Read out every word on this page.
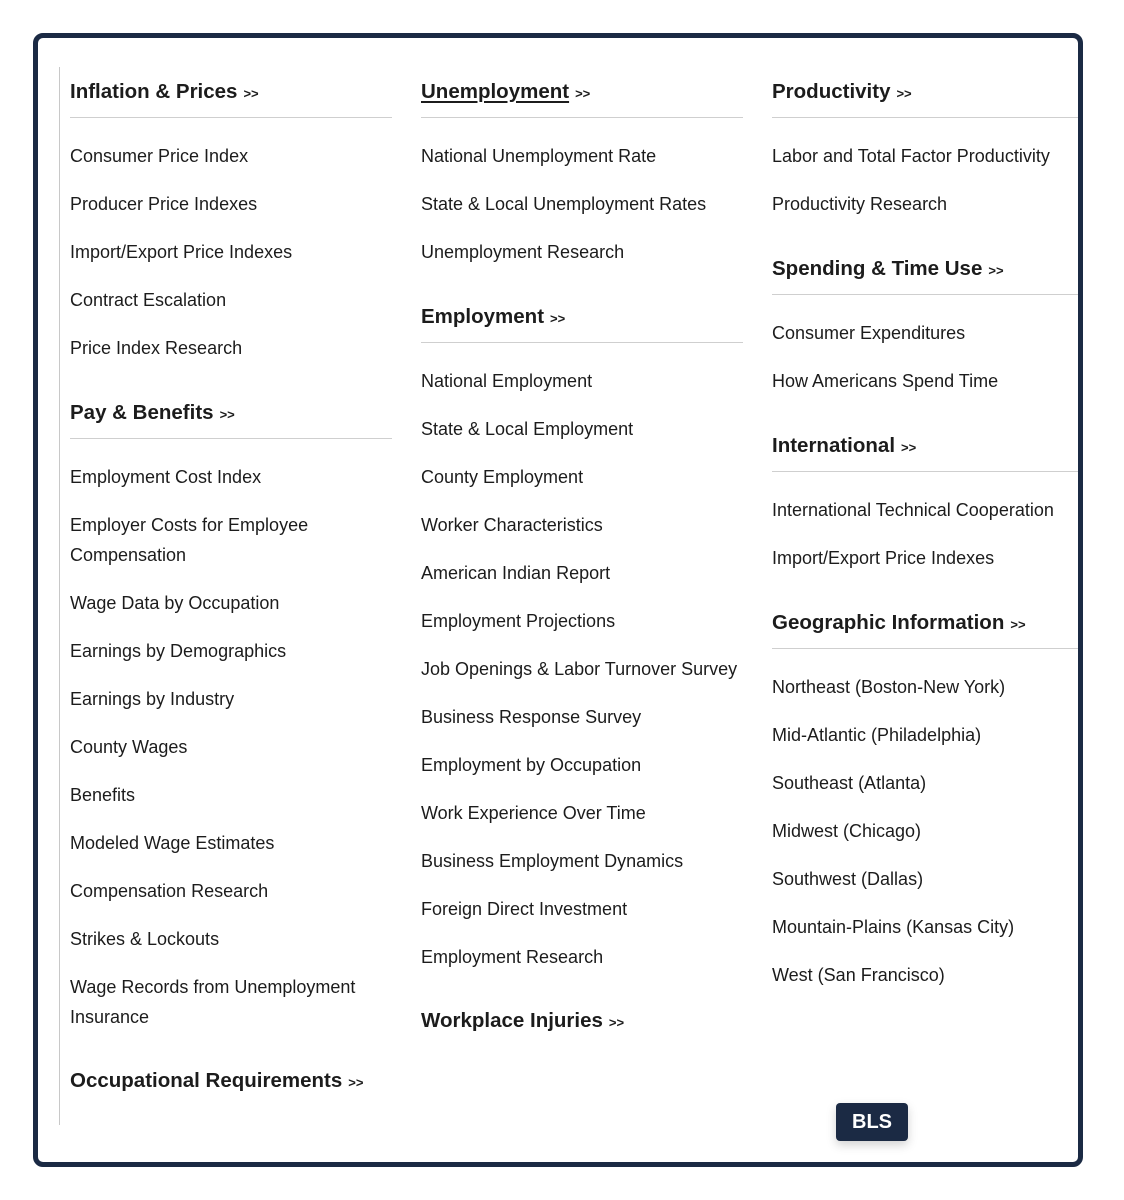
Inflation & Prices >>
Consumer Price Index
Producer Price Indexes
Import/Export Price Indexes
Contract Escalation
Price Index Research
Pay & Benefits >>
Employment Cost Index
Employer Costs for Employee Compensation
Wage Data by Occupation
Earnings by Demographics
Earnings by Industry
County Wages
Benefits
Modeled Wage Estimates
Compensation Research
Strikes & Lockouts
Wage Records from Unemployment Insurance
Occupational Requirements >>
Unemployment >>
National Unemployment Rate
State & Local Unemployment Rates
Unemployment Research
Employment >>
National Employment
State & Local Employment
County Employment
Worker Characteristics
American Indian Report
Employment Projections
Job Openings & Labor Turnover Survey
Business Response Survey
Employment by Occupation
Work Experience Over Time
Business Employment Dynamics
Foreign Direct Investment
Employment Research
Workplace Injuries >>
Productivity >>
Labor and Total Factor Productivity
Productivity Research
Spending & Time Use >>
Consumer Expenditures
How Americans Spend Time
International >>
International Technical Cooperation
Import/Export Price Indexes
Geographic Information >>
Northeast (Boston-New York)
Mid-Atlantic (Philadelphia)
Southeast (Atlanta)
Midwest (Chicago)
Southwest (Dallas)
Mountain-Plains (Kansas City)
West (San Francisco)
BLS
